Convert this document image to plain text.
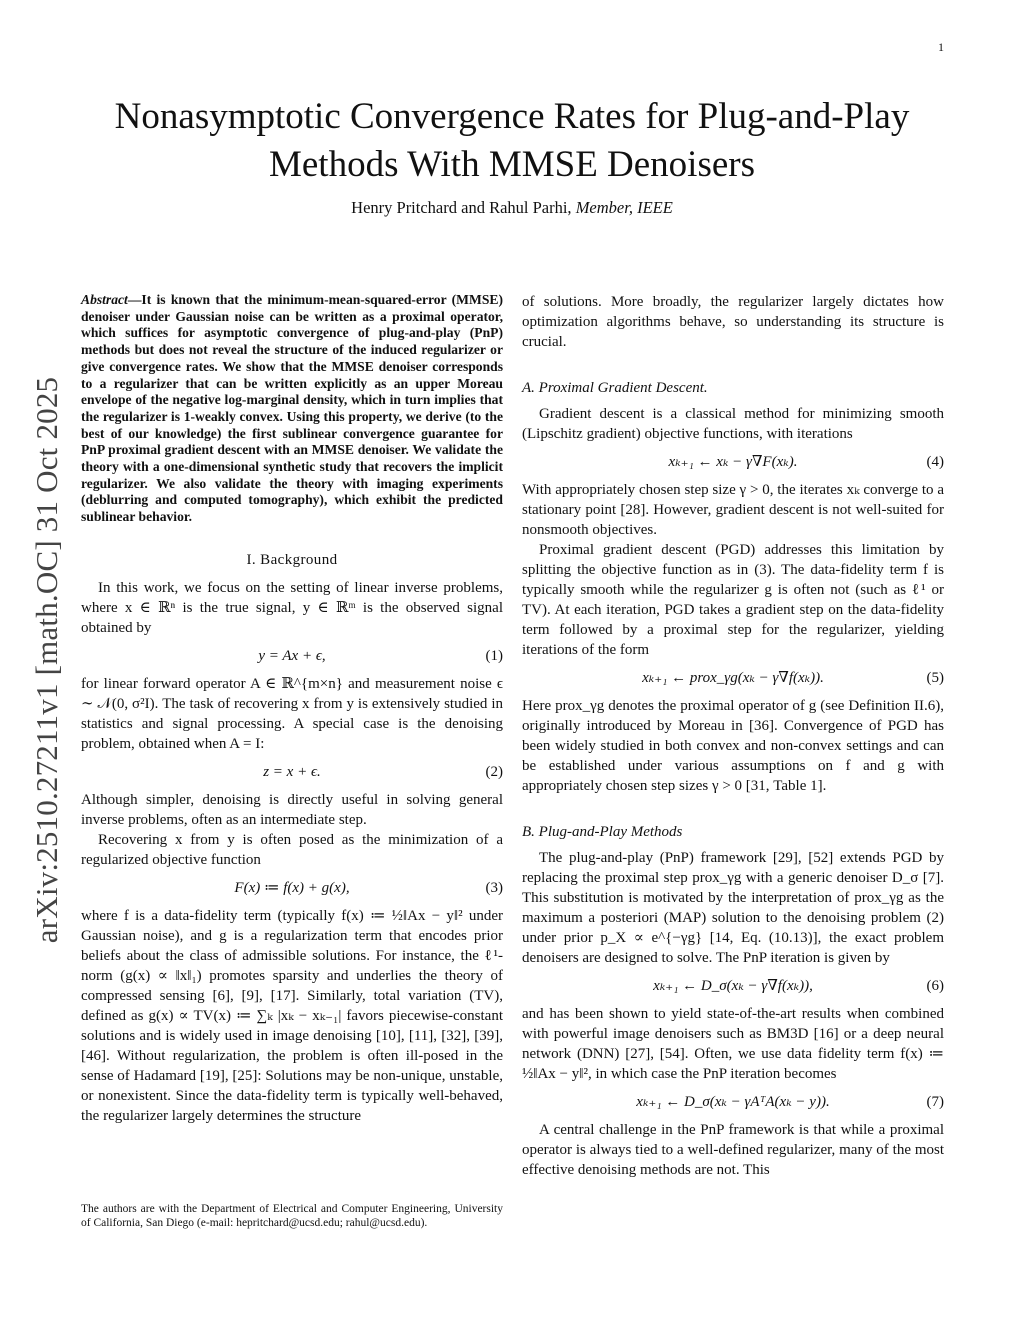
1
arXiv:2510.27211v1 [math.OC] 31 Oct 2025
Nonasymptotic Convergence Rates for Plug-and-Play Methods With MMSE Denoisers
Henry Pritchard and Rahul Parhi, Member, IEEE

Abstract—It is known that the minimum-mean-squared-error (MMSE) denoiser under Gaussian noise can be written as a proximal operator, which suffices for asymptotic convergence of plug-and-play (PnP) methods but does not reveal the structure of the induced regularizer or give convergence rates. We show that the MMSE denoiser corresponds to a regularizer that can be written explicitly as an upper Moreau envelope of the negative log-marginal density, which in turn implies that the regularizer is 1-weakly convex. Using this property, we derive (to the best of our knowledge) the first sublinear convergence guarantee for PnP proximal gradient descent with an MMSE denoiser. We validate the theory with a one-dimensional synthetic study that recovers the implicit regularizer. We also validate the theory with imaging experiments (deblurring and computed tomography), which exhibit the predicted sublinear behavior.

I. Background

In this work, we focus on the setting of linear inverse problems, where x ∈ ℝⁿ is the true signal, y ∈ ℝᵐ is the observed signal obtained by

y = Ax + ϵ,	(1)

for linear forward operator A ∈ ℝ^{m×n} and measurement noise ϵ ∼ 𝒩(0, σ²I). The task of recovering x from y is extensively studied in statistics and signal processing. A special case is the denoising problem, obtained when A = I:

z = x + ϵ.	(2)

Although simpler, denoising is directly useful in solving general inverse problems, often as an intermediate step.

Recovering x from y is often posed as the minimization of a regularized objective function

F(x) ≔ f(x) + g(x),	(3)

where f is a data-fidelity term (typically f(x) ≔ ½‖Ax − y‖² under Gaussian noise), and g is a regularization term that encodes prior beliefs about the class of admissible solutions. For instance, the ℓ¹-norm (g(x) ∝ ‖x‖₁) promotes sparsity and underlies the theory of compressed sensing [6], [9], [17]. Similarly, total variation (TV), defined as g(x) ∝ TV(x) ≔ ∑ₖ |xₖ − xₖ₋₁| favors piecewise-constant solutions and is widely used in image denoising [10], [11], [32], [39], [46]. Without regularization, the problem is often ill-posed in the sense of Hadamard [19], [25]: Solutions may be non-unique, unstable, or nonexistent. Since the data-fidelity term is typically well-behaved, the regularizer largely determines the structure

The authors are with the Department of Electrical and Computer Engineering, University of California, San Diego (e-mail: hepritchard@ucsd.edu; rahul@ucsd.edu).

of solutions. More broadly, the regularizer largely dictates how optimization algorithms behave, so understanding its structure is crucial.

A. Proximal Gradient Descent.

Gradient descent is a classical method for minimizing smooth (Lipschitz gradient) objective functions, with iterations

xₖ₊₁ ← xₖ − γ∇F(xₖ).	(4)

With appropriately chosen step size γ > 0, the iterates xₖ converge to a stationary point [28]. However, gradient descent is not well-suited for nonsmooth objectives.

Proximal gradient descent (PGD) addresses this limitation by splitting the objective function as in (3). The data-fidelity term f is typically smooth while the regularizer g is often not (such as ℓ¹ or TV). At each iteration, PGD takes a gradient step on the data-fidelity term followed by a proximal step for the regularizer, yielding iterations of the form

xₖ₊₁ ← prox_γg(xₖ − γ∇f(xₖ)).	(5)

Here prox_γg denotes the proximal operator of g (see Definition II.6), originally introduced by Moreau in [36]. Convergence of PGD has been widely studied in both convex and non-convex settings and can be established under various assumptions on f and g with appropriately chosen step sizes γ > 0 [31, Table 1].

B. Plug-and-Play Methods

The plug-and-play (PnP) framework [29], [52] extends PGD by replacing the proximal step prox_γg with a generic denoiser D_σ [7]. This substitution is motivated by the interpretation of prox_γg as the maximum a posteriori (MAP) solution to the denoising problem (2) under prior p_X ∝ e^{−γg} [14, Eq. (10.13)], the exact problem denoisers are designed to solve. The PnP iteration is given by

xₖ₊₁ ← D_σ(xₖ − γ∇f(xₖ)),	(6)

and has been shown to yield state-of-the-art results when combined with powerful image denoisers such as BM3D [16] or a deep neural network (DNN) [27], [54]. Often, we use data fidelity term f(x) ≔ ½‖Ax − y‖², in which case the PnP iteration becomes

xₖ₊₁ ← D_σ(xₖ − γAᵀA(xₖ − y)).	(7)

A central challenge in the PnP framework is that while a proximal operator is always tied to a well-defined regularizer, many of the most effective denoising methods are not. This
